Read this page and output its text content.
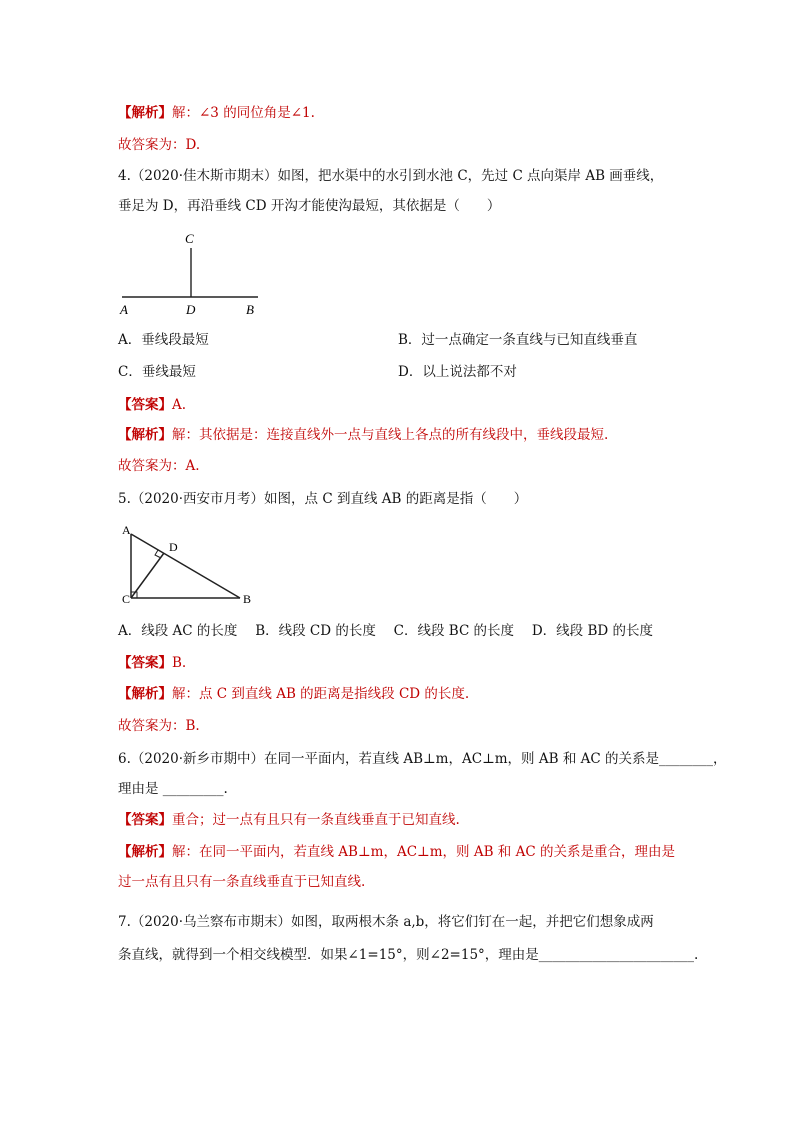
【解析】解：∠3 的同位角是∠1.
故答案为：D.
4.（2020·佳木斯市期末）如图，把水渠中的水引到水池 C，先过 C 点向渠岸 AB 画垂线，
垂足为 D，再沿垂线 CD 开沟才能使沟最短，其依据是（　　）
C
A	D	B
A．垂线段最短	B．过一点确定一条直线与已知直线垂直
C．垂线最短	D．以上说法都不对
【答案】A.
【解析】解：其依据是：连接直线外一点与直线上各点的所有线段中，垂线段最短.
故答案为：A.
5.（2020·西安市月考）如图，点 C 到直线 AB 的距离是指（　　）
A
D
C	B
A．线段 AC 的长度　 B．线段 CD 的长度　 C．线段 BC 的长度　 D．线段 BD 的长度
【答案】B.
【解析】解：点 C 到直线 AB 的距离是指线段 CD 的长度.
故答案为：B.
6.（2020·新乡市期中）在同一平面内，若直线 AB⊥m，AC⊥m，则 AB 和 AC 的关系是________，
理由是 _________.
【答案】重合；过一点有且只有一条直线垂直于已知直线.
【解析】解：在同一平面内，若直线 AB⊥m，AC⊥m，则 AB 和 AC 的关系是重合，理由是
过一点有且只有一条直线垂直于已知直线.
7.（2020·乌兰察布市期末）如图，取两根木条 a,b，将它们钉在一起，并把它们想象成两
条直线，就得到一个相交线模型．如果∠1=15°，则∠2=15°，理由是_______________________.
